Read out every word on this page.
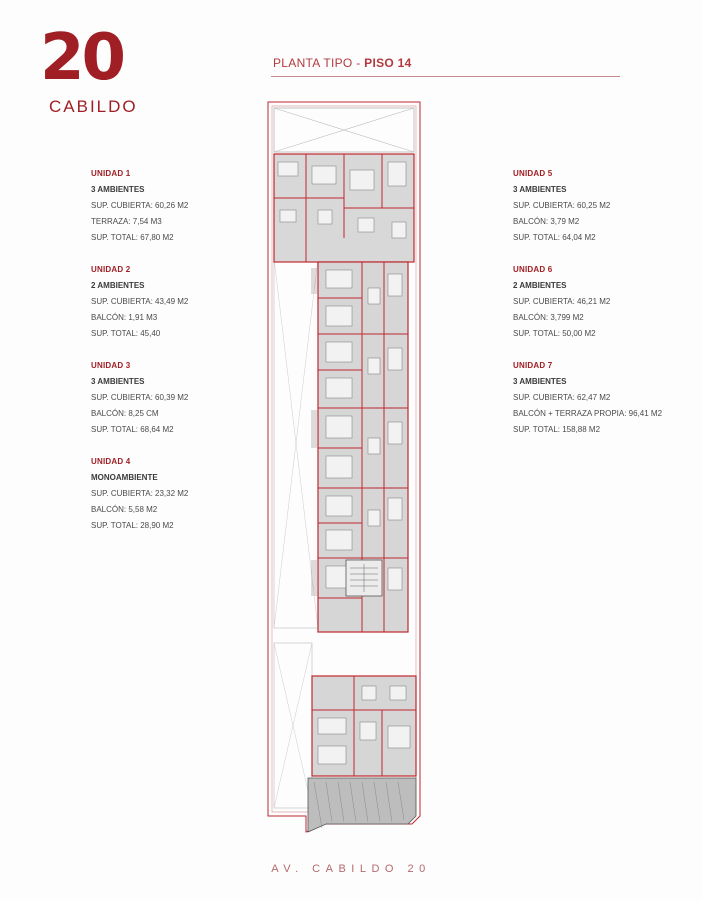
20
CABILDO
PLANTA TIPO - PISO 14
UNIDAD 1
3 AMBIENTES
SUP. CUBIERTA: 60,26 M2
TERRAZA: 7,54 M3
SUP. TOTAL: 67,80 M2
UNIDAD 2
2 AMBIENTES
SUP. CUBIERTA: 43,49 M2
BALCÓN: 1,91 M3
SUP. TOTAL: 45,40
UNIDAD 3
3 AMBIENTES
SUP. CUBIERTA: 60,39 M2
BALCÓN: 8,25 CM
SUP. TOTAL: 68,64 M2
UNIDAD 4
MONOAMBIENTE
SUP. CUBIERTA: 23,32 M2
BALCÓN: 5,58 M2
SUP. TOTAL: 28,90 M2
UNIDAD 5
3 AMBIENTES
SUP. CUBIERTA: 60,25 M2
BALCÓN: 3,79 M2
SUP. TOTAL: 64,04 M2
UNIDAD 6
2 AMBIENTES
SUP. CUBIERTA: 46,21 M2
BALCÓN: 3,799 M2
SUP. TOTAL: 50,00 M2
UNIDAD 7
3 AMBIENTES
SUP. CUBIERTA: 62,47 M2
BALCÓN + TERRAZA PROPIA: 96,41 M2
SUP. TOTAL: 158,88 M2
AV. CABILDO 20
